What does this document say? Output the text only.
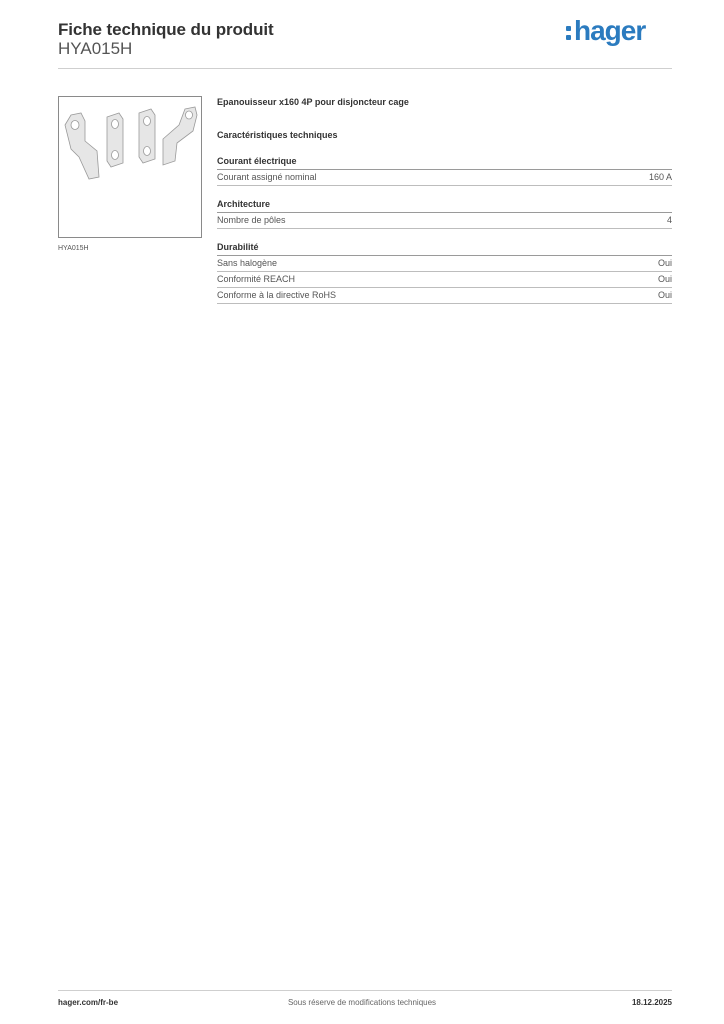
Fiche technique du produit
HYA015H
hager
HYA015H
Epanouisseur x160 4P pour disjoncteur cage
Caractéristiques techniques
Courant électrique
Courant assigné nominal	160 A
Architecture
Nombre de pôles	4
Durabilité
Sans halogène	Oui
Conformité REACH	Oui
Conforme à la directive RoHS	Oui
hager.com/fr-be	Sous réserve de modifications techniques	18.12.2025
